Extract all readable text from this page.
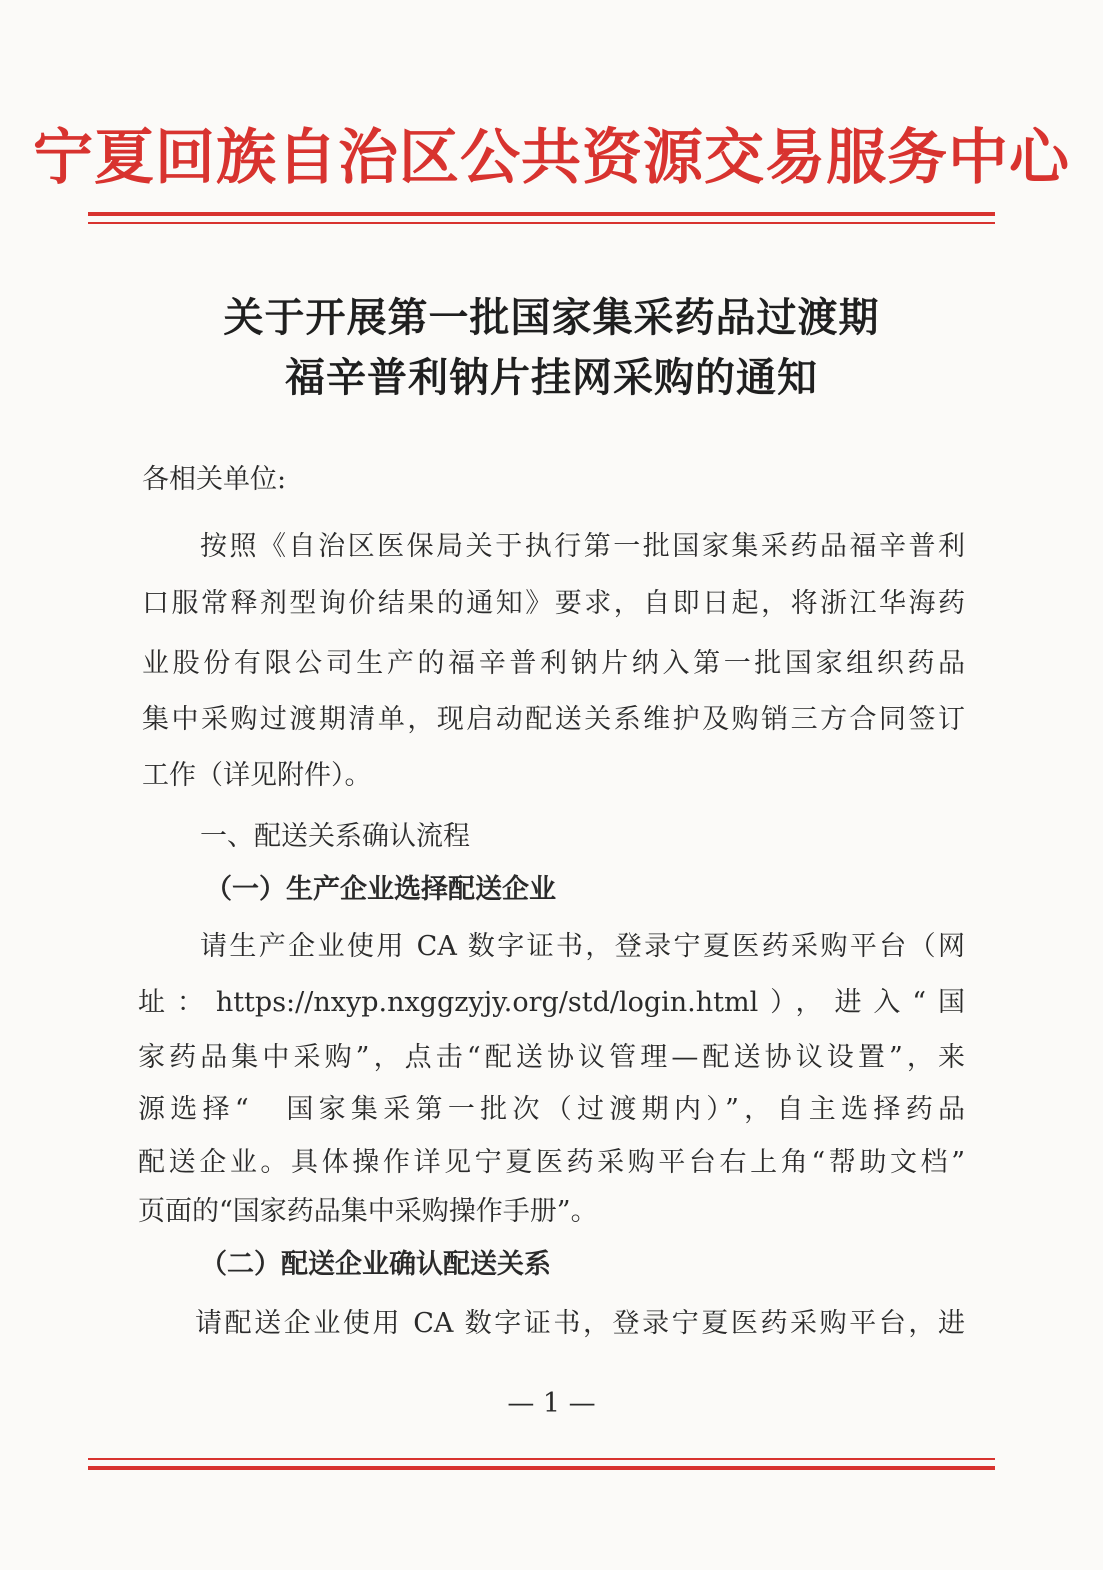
宁夏回族自治区公共资源交易服务中心
关于开展第一批国家集采药品过渡期
福辛普利钠片挂网采购的通知
各相关单位:
按照《自治区医保局关于执行第一批国家集采药品福辛普利
口服常释剂型询价结果的通知》要求，自即日起，将浙江华海药
业股份有限公司生产的福辛普利钠片纳入第一批国家组织药品
集中采购过渡期清单，现启动配送关系维护及购销三方合同签订
工作（详见附件）。
一、配送关系确认流程
（一）生产企业选择配送企业
请生产企业使用 CA 数字证书，登录宁夏医药采购平台（网
址：https://nxyp.nxggzyjy.org/std/login.html），进入“国
家药品集中采购”，点击“配送协议管理—配送协议设置”，来
源选择“　国家集采第一批次（过渡期内）”，自主选择药品
配送企业。具体操作详见宁夏医药采购平台右上角“帮助文档”
页面的“国家药品集中采购操作手册”。
（二）配送企业确认配送关系
请配送企业使用 CA 数字证书，登录宁夏医药采购平台，进
— 1 —
